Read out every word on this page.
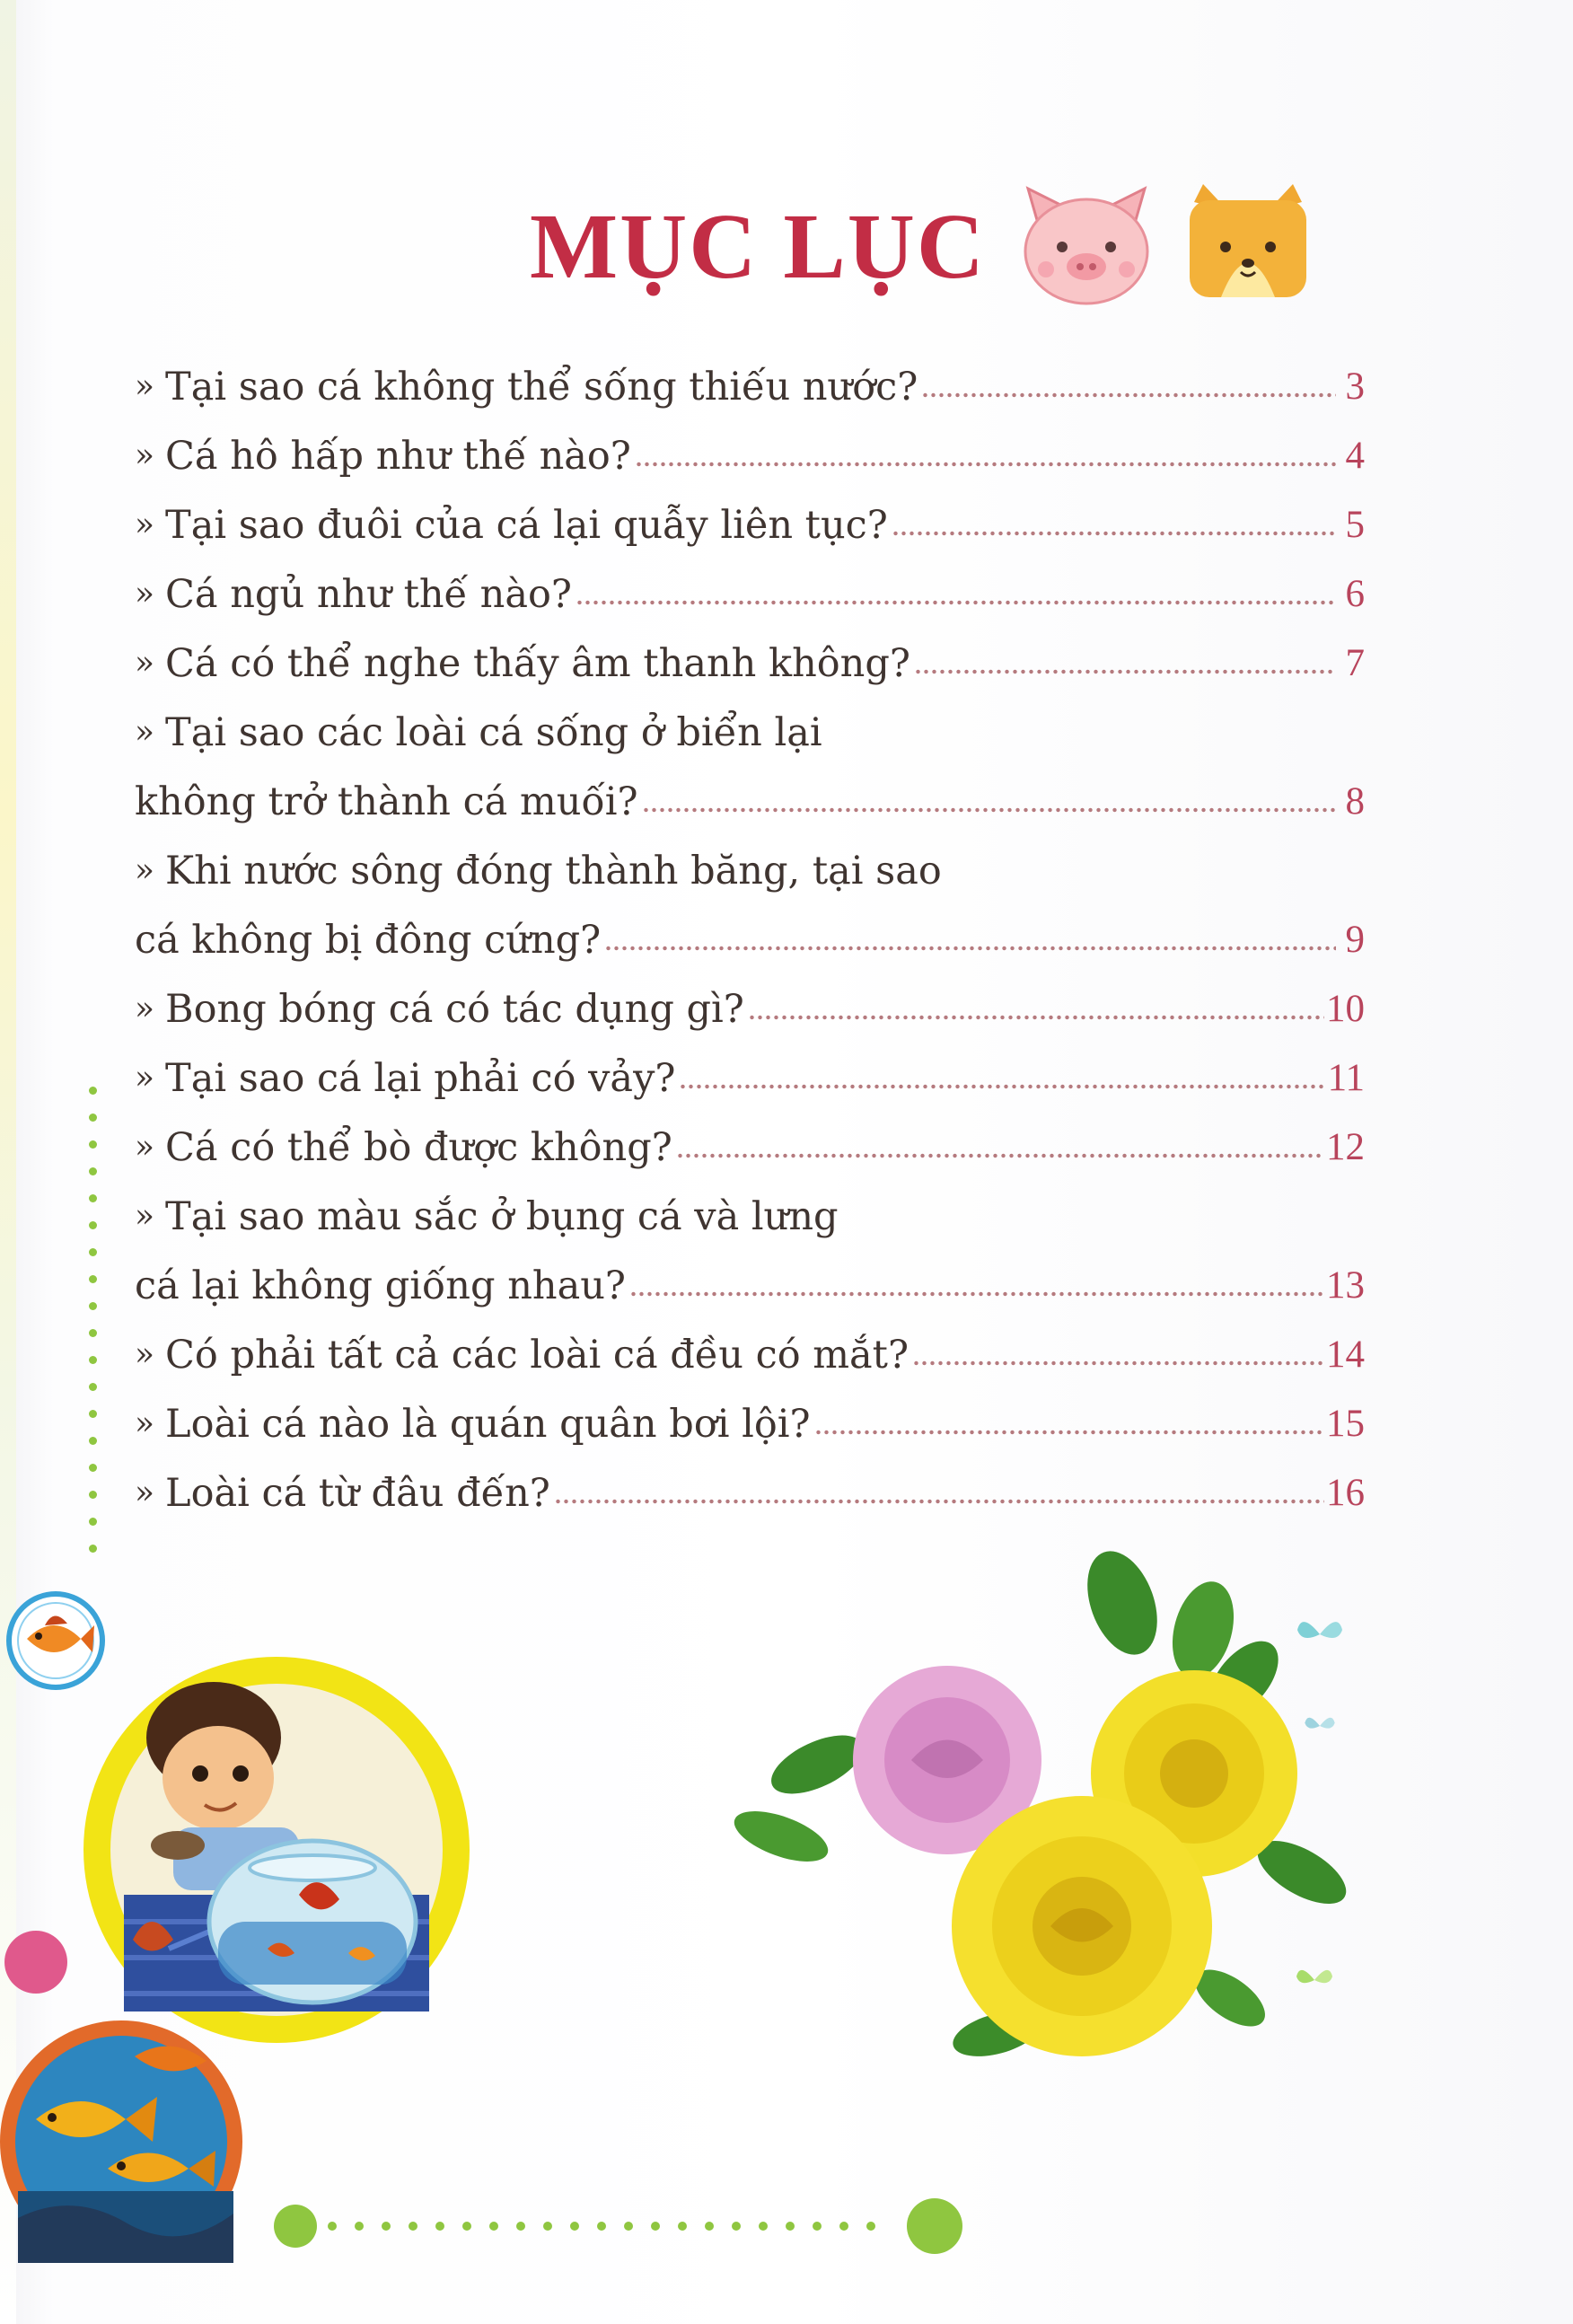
MỤC LỤC
» Tại sao cá không thể sống thiếu nước?	3
» Cá hô hấp như thế nào?	4
» Tại sao đuôi của cá lại quẫy liên tục?	5
» Cá ngủ như thế nào?	6
» Cá có thể nghe thấy âm thanh không?	7
» Tại sao các loài cá sống ở biển lại
không trở thành cá muối?	8
» Khi nước sông đóng thành băng, tại sao
cá không bị đông cứng?	9
» Bong bóng cá có tác dụng gì?	10
» Tại sao cá lại phải có vảy?	11
» Cá có thể bò được không?	12
» Tại sao màu sắc ở bụng cá và lưng
cá lại không giống nhau?	13
» Có phải tất cả các loài cá đều có mắt?	14
» Loài cá nào là quán quân bơi lội?	15
» Loài cá từ đâu đến?	16
